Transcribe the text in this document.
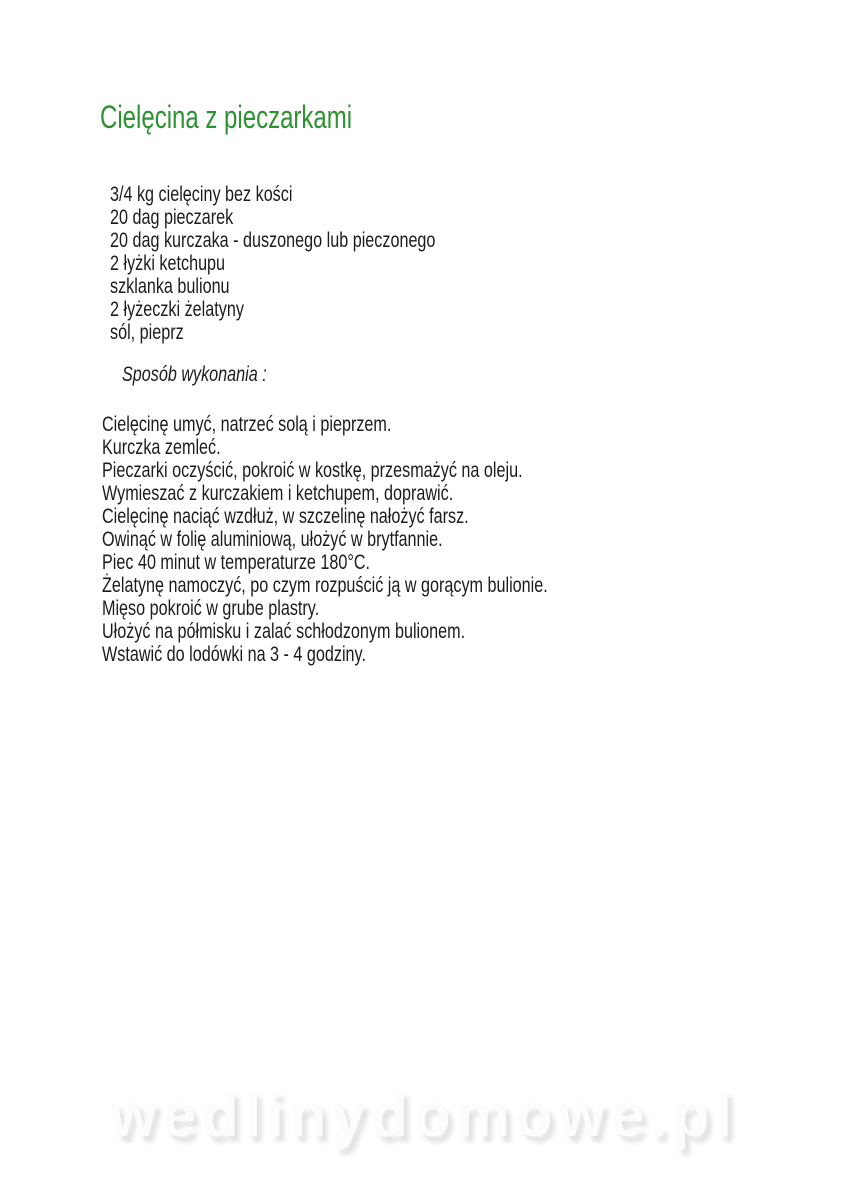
Cielęcina z pieczarkami
3/4 kg cielęciny bez kości
20 dag pieczarek
20 dag kurczaka - duszonego lub pieczonego
2 łyżki ketchupu
szklanka bulionu
2 łyżeczki żelatyny
sól, pieprz
Sposób wykonania :
Cielęcinę umyć, natrzeć solą i pieprzem.
Kurczka zemleć.
Pieczarki oczyścić, pokroić w kostkę, przesmażyć na oleju.
Wymieszać z kurczakiem i ketchupem, doprawić.
Cielęcinę naciąć wzdłuż, w szczelinę nałożyć farsz.
Owinąć w folię aluminiową, ułożyć w brytfannie.
Piec 40 minut w temperaturze 180°C.
Żelatynę namoczyć, po czym rozpuścić ją w gorącym bulionie.
Mięso pokroić w grube plastry.
Ułożyć na półmisku i zalać schłodzonym bulionem.
Wstawić do lodówki na 3 - 4 godziny.
wedlinydomowe.pl
